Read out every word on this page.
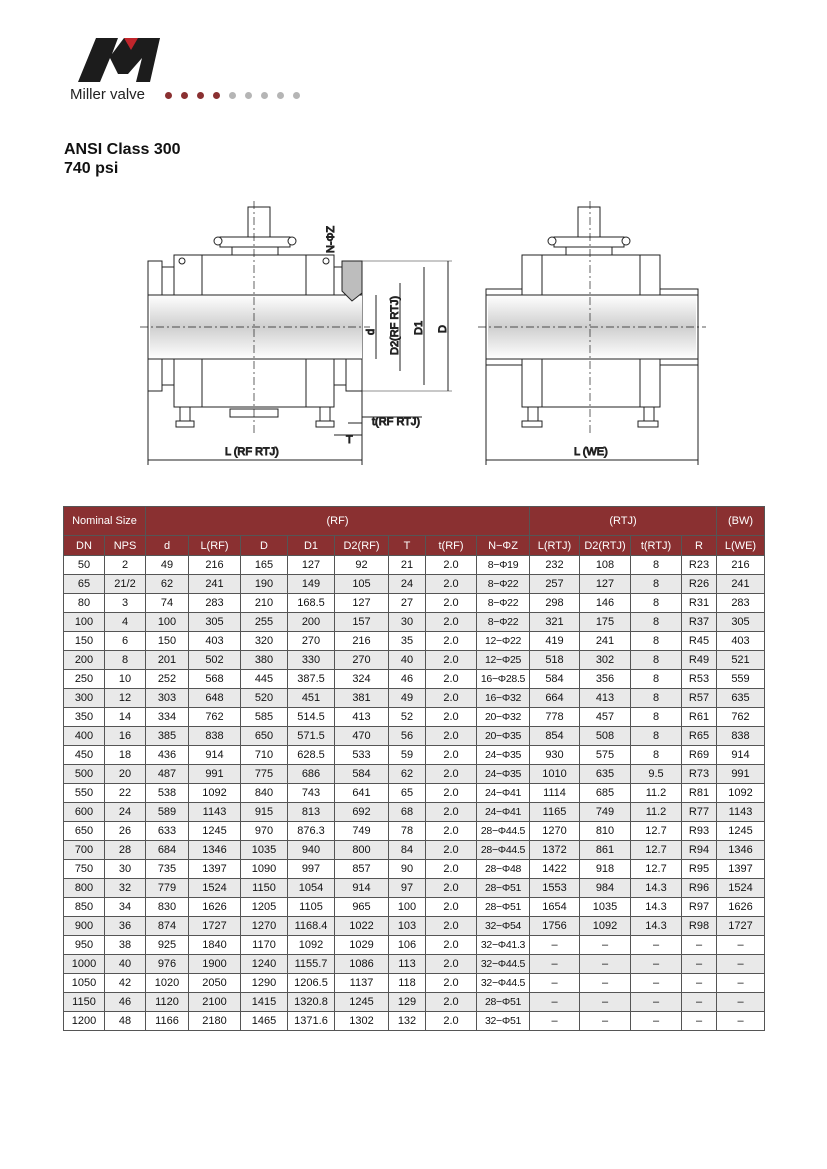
Miller valve
ANSI Class 300
740 psi
N-ΦZ
d D2(RF RTJ) D1 D
t(RF RTJ)
T
L (RF RTJ)	L (WE)
Nominal Size		(RF)								(RTJ)				(BW)
DN	NPS	d	L(RF)	D	D1	D2(RF)	T	t(RF)	N−ΦZ	L(RTJ)	D2(RTJ)	t(RTJ)	R	L(WE)
50	2	49	216	165	127	92	21	2.0	8−Φ19	232	108	8	R23	216
65	21/2	62	241	190	149	105	24	2.0	8−Φ22	257	127	8	R26	241
80	3	74	283	210	168.5	127	27	2.0	8−Φ22	298	146	8	R31	283
100	4	100	305	255	200	157	30	2.0	8−Φ22	321	175	8	R37	305
150	6	150	403	320	270	216	35	2.0	12−Φ22	419	241	8	R45	403
200	8	201	502	380	330	270	40	2.0	12−Φ25	518	302	8	R49	521
250	10	252	568	445	387.5	324	46	2.0	16−Φ28.5	584	356	8	R53	559
300	12	303	648	520	451	381	49	2.0	16−Φ32	664	413	8	R57	635
350	14	334	762	585	514.5	413	52	2.0	20−Φ32	778	457	8	R61	762
400	16	385	838	650	571.5	470	56	2.0	20−Φ35	854	508	8	R65	838
450	18	436	914	710	628.5	533	59	2.0	24−Φ35	930	575	8	R69	914
500	20	487	991	775	686	584	62	2.0	24−Φ35	1010	635	9.5	R73	991
550	22	538	1092	840	743	641	65	2.0	24−Φ41	1114	685	11.2	R81	1092
600	24	589	1143	915	813	692	68	2.0	24−Φ41	1165	749	11.2	R77	1143
650	26	633	1245	970	876.3	749	78	2.0	28−Φ44.5	1270	810	12.7	R93	1245
700	28	684	1346	1035	940	800	84	2.0	28−Φ44.5	1372	861	12.7	R94	1346
750	30	735	1397	1090	997	857	90	2.0	28−Φ48	1422	918	12.7	R95	1397
800	32	779	1524	1150	1054	914	97	2.0	28−Φ51	1553	984	14.3	R96	1524
850	34	830	1626	1205	1105	965	100	2.0	28−Φ51	1654	1035	14.3	R97	1626
900	36	874	1727	1270	1168.4	1022	103	2.0	32−Φ54	1756	1092	14.3	R98	1727
950	38	925	1840	1170	1092	1029	106	2.0	32−Φ41.3	–	–	–	–	–
1000	40	976	1900	1240	1155.7	1086	113	2.0	32−Φ44.5	–	–	–	–	–
1050	42	1020	2050	1290	1206.5	1137	118	2.0	32−Φ44.5	–	–	–	–	–
1150	46	1120	2100	1415	1320.8	1245	129	2.0	28−Φ51	–	–	–	–	–
1200	48	1166	2180	1465	1371.6	1302	132	2.0	32−Φ51	–	–	–	–	–
